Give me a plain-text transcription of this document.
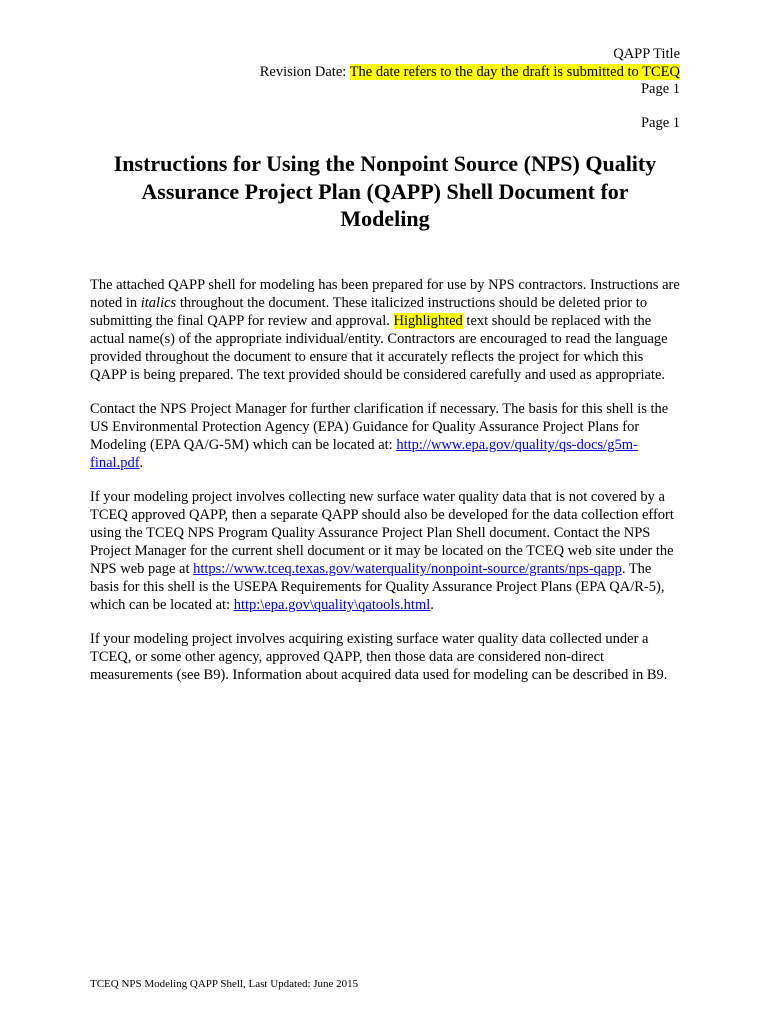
QAPP Title
Revision Date: The date refers to the day the draft is submitted to TCEQ
Page 1
Page 1
Instructions for Using the Nonpoint Source (NPS) Quality
Assurance Project Plan (QAPP) Shell Document for
Modeling

The attached QAPP shell for modeling has been prepared for use by NPS contractors. Instructions are noted in italics throughout the document. These italicized instructions should be deleted prior to submitting the final QAPP for review and approval. Highlighted text should be replaced with the actual name(s) of the appropriate individual/entity. Contractors are encouraged to read the language provided throughout the document to ensure that it accurately reflects the project for which this QAPP is being prepared. The text provided should be considered carefully and used as appropriate.

Contact the NPS Project Manager for further clarification if necessary. The basis for this shell is the US Environmental Protection Agency (EPA) Guidance for Quality Assurance Project Plans for Modeling (EPA QA/G-5M) which can be located at: http://www.epa.gov/quality/qs-docs/g5m-final.pdf.

If your modeling project involves collecting new surface water quality data that is not covered by a TCEQ approved QAPP, then a separate QAPP should also be developed for the data collection effort using the TCEQ NPS Program Quality Assurance Project Plan Shell document. Contact the NPS Project Manager for the current shell document or it may be located on the TCEQ web site under the NPS web page at https://www.tceq.texas.gov/waterquality/nonpoint-source/grants/nps-qapp. The basis for this shell is the USEPA Requirements for Quality Assurance Project Plans (EPA QA/R-5), which can be located at: http:\epa.gov\quality\qatools.html.

If your modeling project involves acquiring existing surface water quality data collected under a TCEQ, or some other agency, approved QAPP, then those data are considered non-direct measurements (see B9). Information about acquired data used for modeling can be described in B9.

TCEQ NPS Modeling QAPP Shell, Last Updated: June 2015
